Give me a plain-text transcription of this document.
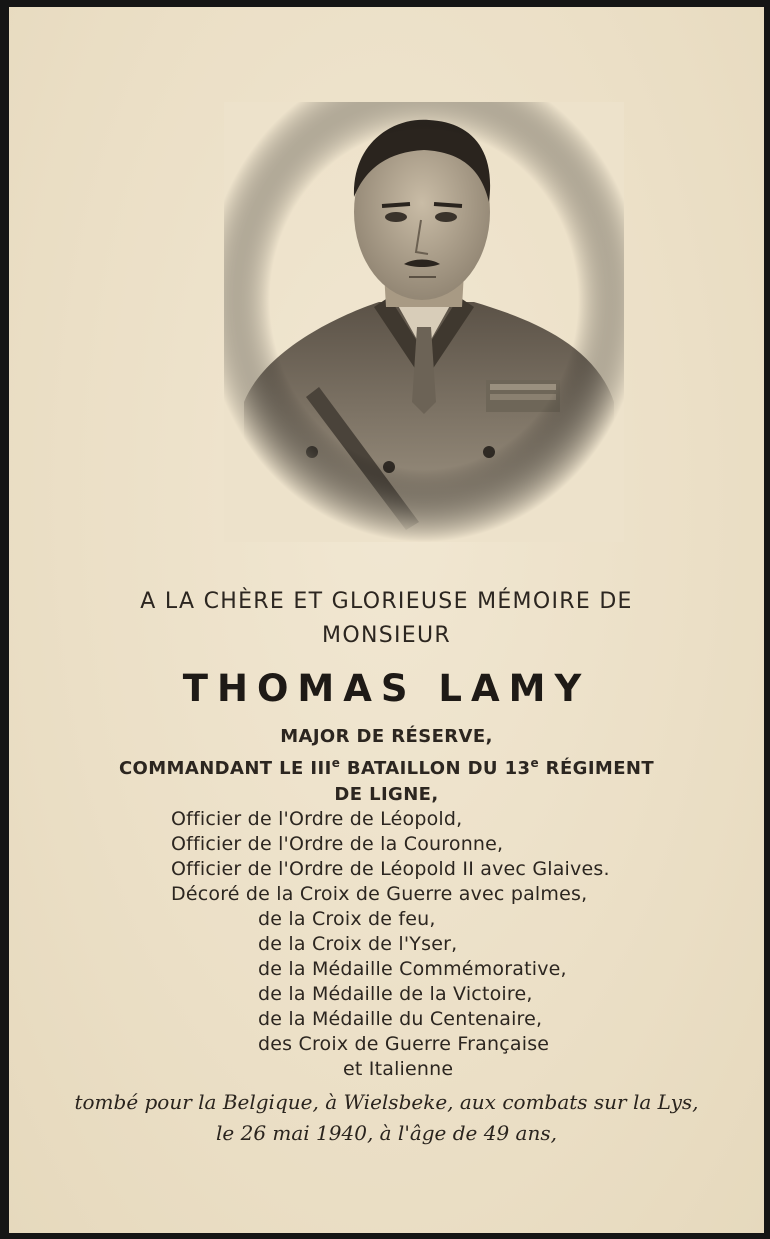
A LA CHÈRE ET GLORIEUSE MÉMOIRE DE
MONSIEUR
THOMAS LAMY
MAJOR DE RÉSERVE,
COMMANDANT LE IIIe BATAILLON DU 13e RÉGIMENT
DE LIGNE,
Officier de l'Ordre de Léopold,
Officier de l'Ordre de la Couronne,
Officier de l'Ordre de Léopold II avec Glaives.
Décoré de la Croix de Guerre avec palmes,
de la Croix de feu,
de la Croix de l'Yser,
de la Médaille Commémorative,
de la Médaille de la Victoire,
de la Médaille du Centenaire,
des Croix de Guerre Française
et Italienne
tombé pour la Belgique, à Wielsbeke, aux combats sur la Lys,
le 26 mai 1940, à l'âge de 49 ans,
